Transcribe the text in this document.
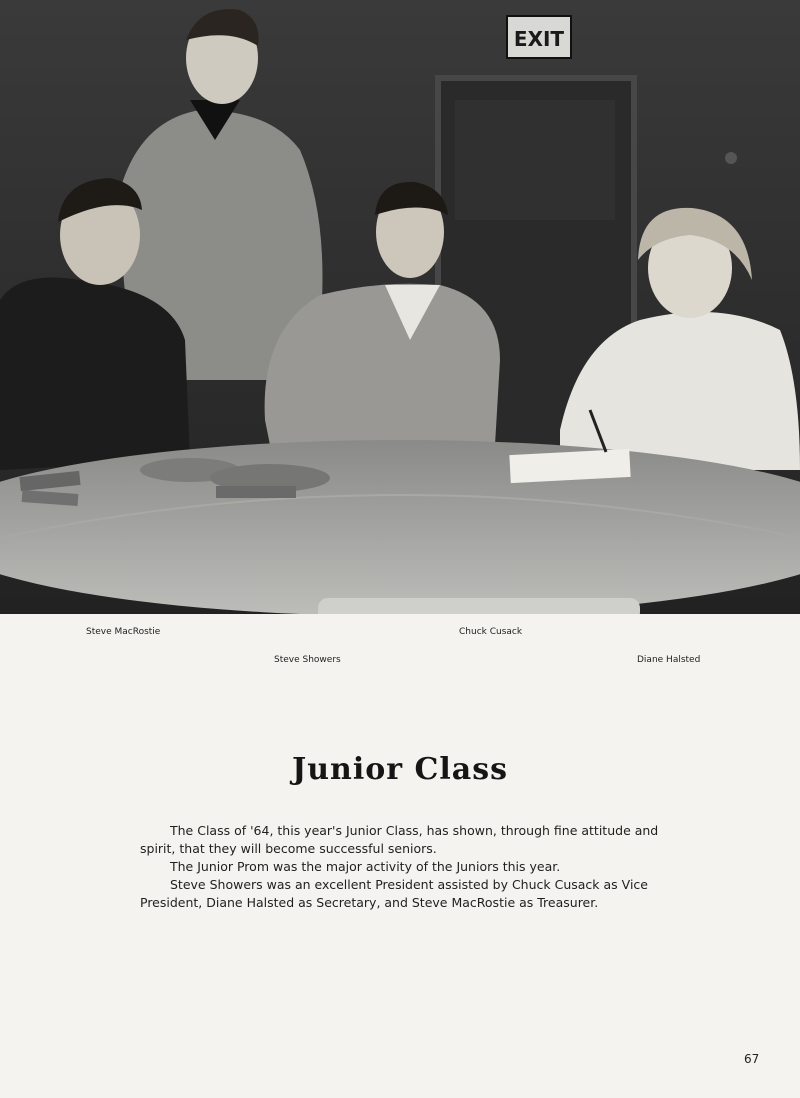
EXIT
Steve MacRostie
Steve Showers
Chuck Cusack
Diane Halsted
Junior Class

The Class of '64, this year's Junior Class, has shown, through fine attitude and spirit, that they will become successful seniors.

The Junior Prom was the major activity of the Juniors this year.

Steve Showers was an excellent President assisted by Chuck Cusack as Vice President, Diane Halsted as Secretary, and Steve MacRostie as Treasurer.

67
